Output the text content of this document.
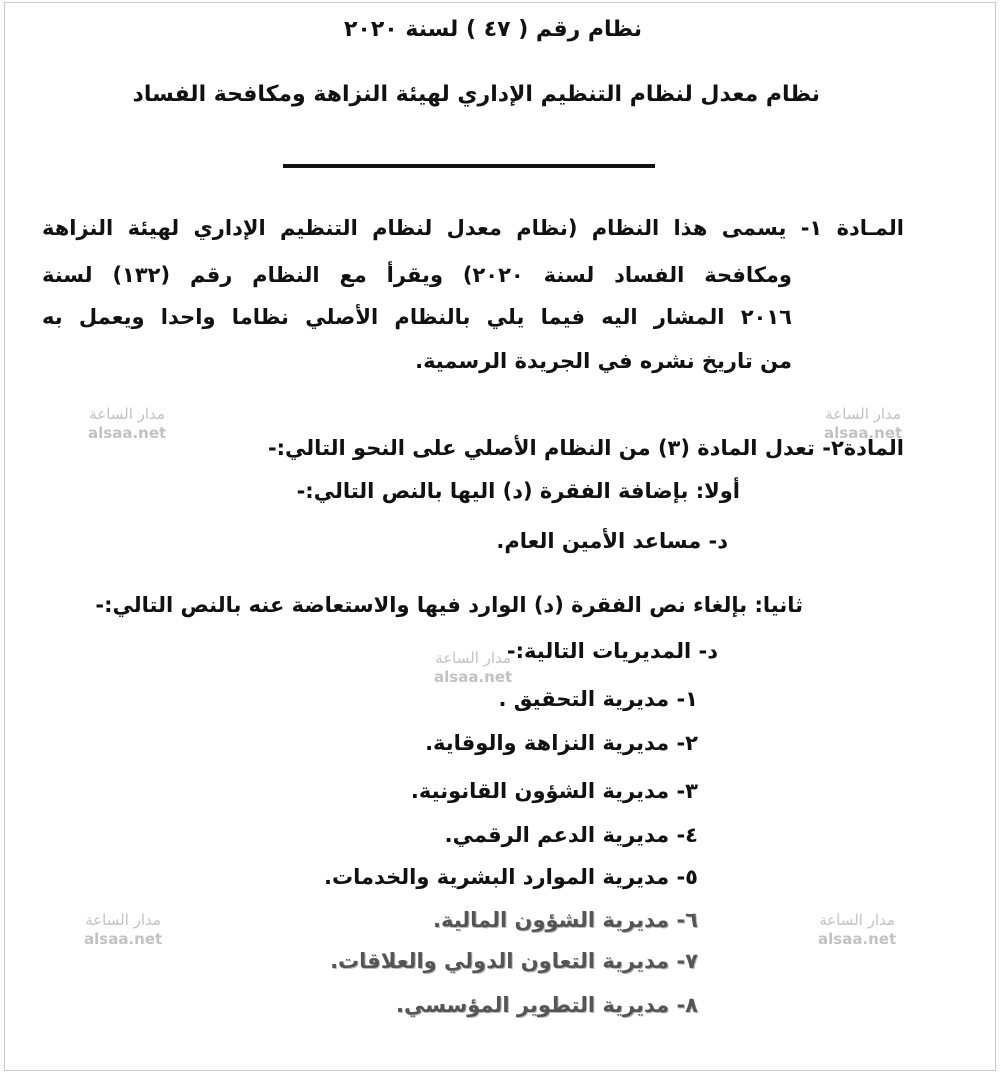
نظام رقم ( ٤٧ ) لسنة ٢٠٢٠
نظام معدل لنظام التنظيم الإداري لهيئة النزاهة ومكافحة الفساد
المـادة ١- يسمى هذا النظام (نظام معدل لنظام التنظيم الإداري لهيئة النزاهة
ومكافحة الفساد لسنة ٢٠٢٠) ويقرأ مع النظام رقم (١٣٢) لسنة
٢٠١٦ المشار اليه فيما يلي بالنظام الأصلي نظاما واحدا ويعمل به
من تاريخ نشره في الجريدة الرسمية.
المادة٢- تعدل المادة (٣) من النظام الأصلي على النحو التالي:-
أولا: بإضافة الفقرة (د) اليها بالنص التالي:-
د- مساعد الأمين العام.
ثانيا: بإلغاء نص الفقرة (د) الوارد فيها والاستعاضة عنه بالنص التالي:-
د- المديريات التالية:-
١- مديرية التحقيق .
٢- مديرية النزاهة والوقاية.
٣- مديرية الشؤون القانونية.
٤- مديرية الدعم الرقمي.
٥- مديرية الموارد البشرية والخدمات.
٦- مديرية الشؤون المالية.
٧- مديرية التعاون الدولي والعلاقات.
٨- مديرية التطوير المؤسسي.
مدار الساعة
alsaa.net
مدار الساعة
alsaa.net
مدار الساعة
alsaa.net
مدار الساعة
alsaa.net
مدار الساعة
alsaa.net
